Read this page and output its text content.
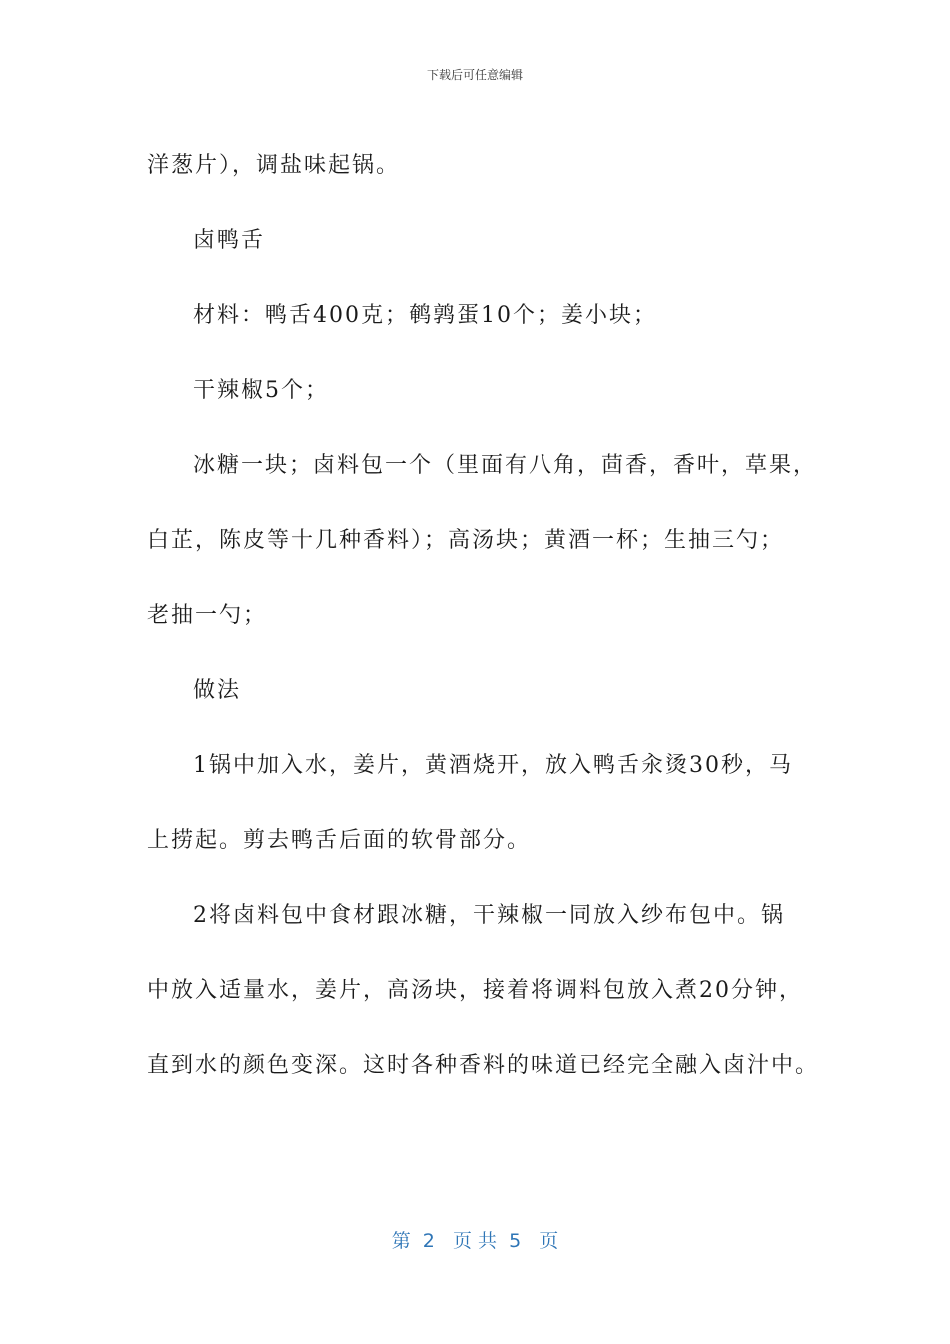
下载后可任意编辑
洋葱片），调盐味起锅。
卤鸭舌
材料：鸭舌400克；鹌鹑蛋10个；姜小块；
干辣椒5个；
冰糖一块；卤料包一个（里面有八角，茴香，香叶，草果，
白芷，陈皮等十几种香料）；高汤块；黄酒一杯；生抽三勺；
老抽一勺；
做法
1锅中加入水，姜片，黄酒烧开，放入鸭舌汆烫30秒，马
上捞起。剪去鸭舌后面的软骨部分。
2将卤料包中食材跟冰糖，干辣椒一同放入纱布包中。锅
中放入适量水，姜片，高汤块，接着将调料包放入煮20分钟，
直到水的颜色变深。这时各种香料的味道已经完全融入卤汁中。
第  2   页 共  5   页
